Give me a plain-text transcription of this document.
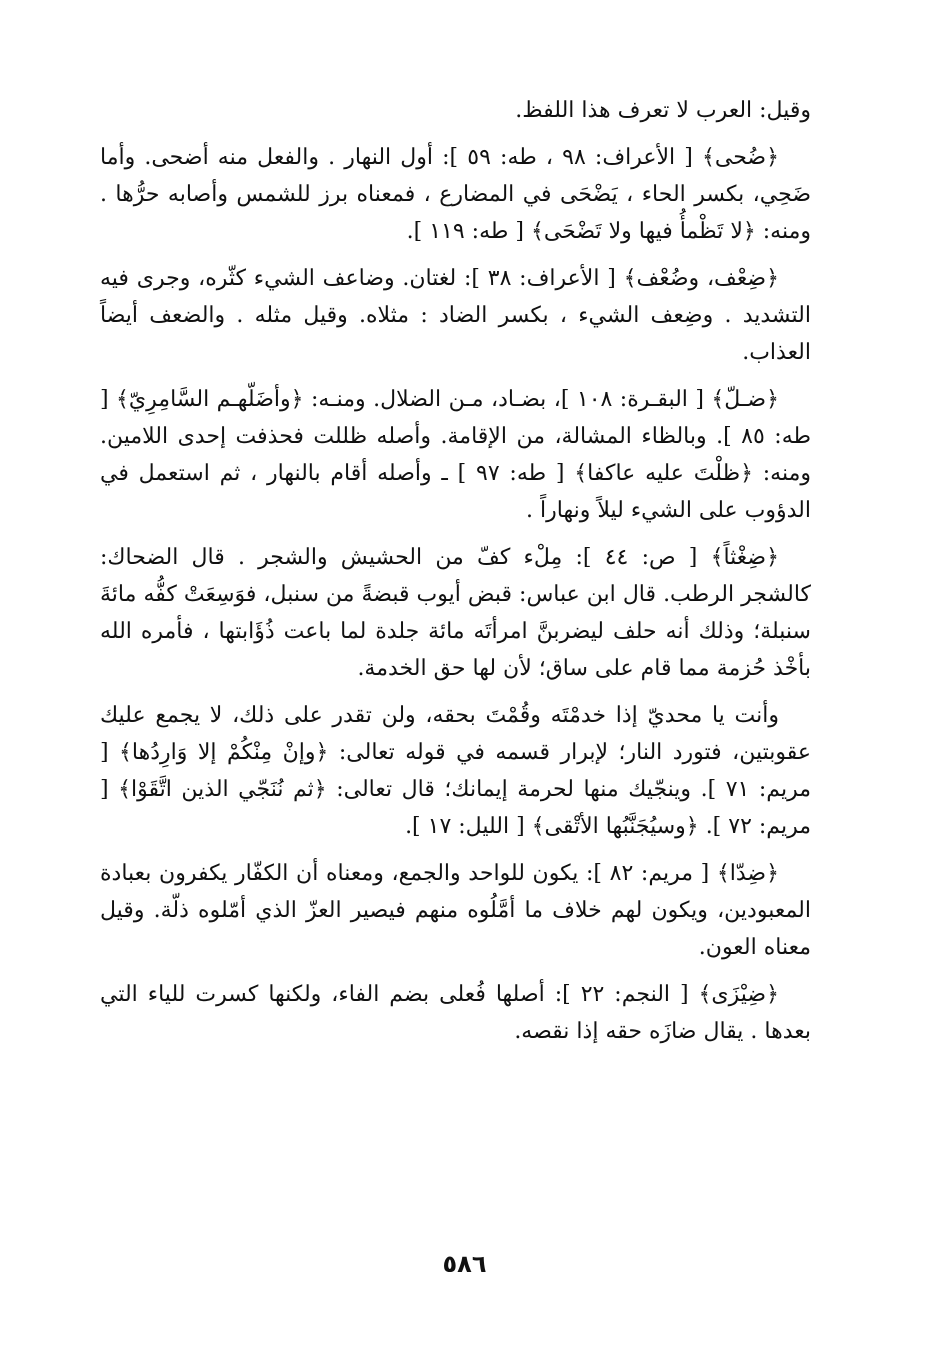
وقيل: العرب لا تعرف هذا اللفظ.

﴿ضُحى﴾ [ الأعراف: ٩٨ ، طه: ٥٩ ]: أول النهار . والفعل منه أضحى. وأما ضَحِي، بكسر الحاء ، يَضْحَى في المضارع ، فمعناه برز للشمس وأصابه حرُّها . ومنه: ﴿لا تَظْمأُ فيها ولا تَضْحَى﴾ [ طه: ١١٩ ].

﴿ضِعْف، وضُعْف﴾ [ الأعراف: ٣٨ ]: لغتان. وضاعف الشيء كثّره، وجرى فيه التشديد . وضِعف الشيء ، بكسر الضاد : مثلاه. وقيل مثله . والضعف أيضاً العذاب.

﴿ضـلّ﴾ [ البقـرة: ١٠٨ ]، بضـاد، مـن الضلال. ومنـه: ﴿وأضَلّهـم السَّامِرِيّ﴾ [ طه: ٨٥ ]. وبالظاء المشالة، من الإقامة. وأصله ظللت فحذفت إحدى اللامين. ومنه: ﴿ظلْتَ عليه عاكفا﴾ [ طه: ٩٧ ] ـ وأصله أقام بالنهار ، ثم استعمل في الدؤوب على الشيء ليلاً ونهاراً .

﴿ضِغْثاً﴾ [ ص: ٤٤ ]: مِلْء كفّ من الحشيش والشجر . قال الضحاك: كالشجر الرطب. قال ابن عباس: قبض أيوب قبضةً من سنبل، فوَسِعَتْ كفُّه مائةَ سنبلة؛ وذلك أنه حلف ليضربنَّ امرأتَه مائة جلدة لما باعت ذُؤَابتها ، فأمره الله بأخْذ حُزمة مما قام على ساق؛ لأن لها حق الخدمة.

وأنت يا محديّ إذا خدمْتَه وقُمْتَ بحقه، ولن تقدر على ذلك، لا يجمع عليك عقوبتين، فتورد النار؛ لإبرار قسمه في قوله تعالى: ﴿وإنْ مِنْكُمْ إلا وَارِدُها﴾ [ مريم: ٧١ ]. وينجّيك منها لحرمة إيمانك؛ قال تعالى: ﴿ثم نُنَجّي الذين اتَّقَوْا﴾ [ مريم: ٧٢ ]. ﴿وسيُجَنَّبُها الأتْقى﴾ [ الليل: ١٧ ].

﴿ضِدّا﴾ [ مريم: ٨٢ ]: يكون للواحد والجمع، ومعناه أن الكفّار يكفرون بعبادة المعبودين، ويكون لهم خلاف ما أمَّلُوه منهم فيصير العزّ الذي أمّلوه ذلّة. وقيل معناه العون.

﴿ضِيْزَى﴾ [ النجم: ٢٢ ]: أصلها فُعلى بضم الفاء، ولكنها كسرت للياء التي بعدها . يقال ضازَه حقه إذا نقصه.

٥٨٦
